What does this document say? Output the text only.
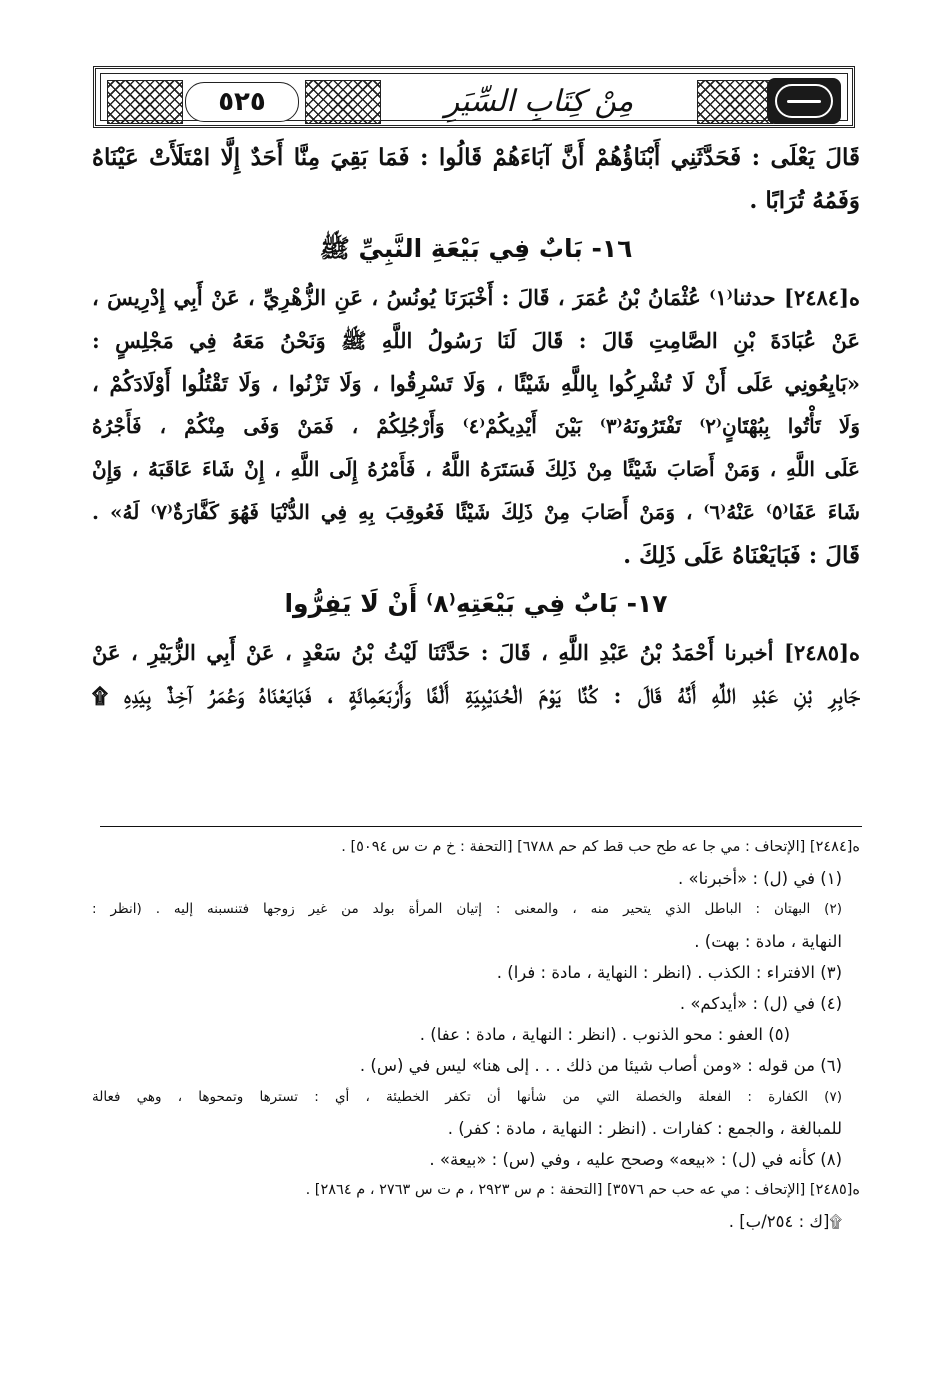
٥٢٥	مِنْ كِتَابِ السِّيَرِ
قَالَ يَعْلَى : فَحَدَّثَنِي أَبْنَاؤُهُمْ أَنَّ آبَاءَهُمْ قَالُوا : فَمَا بَقِيَ مِنَّا أَحَدٌ إِلَّا امْتَلَأَتْ عَيْنَاهُ
وَفَمُهُ تُرَابًا .
١٦- بَابٌ فِي بَيْعَةِ النَّبِيِّ ﷺ
ه[٢٤٨٤] حدثنا⁽١⁾ عُثْمَانُ بْنُ عُمَرَ ، قَالَ : أَخْبَرَنَا يُونُسُ ، عَنِ الزُّهْرِيِّ ، عَنْ أَبِي إِدْرِيسَ ،
عَنْ عُبَادَةَ بْنِ الصَّامِتِ قَالَ : قَالَ لَنَا رَسُولُ اللَّهِ ﷺ وَنَحْنُ مَعَهُ فِي مَجْلِسٍ :
«بَايِعُونِي عَلَى أَنْ لَا تُشْرِكُوا بِاللَّهِ شَيْئًا ، وَلَا تَسْرِقُوا ، وَلَا تَزْنُوا ، وَلَا تَقْتُلُوا أَوْلَادَكُمْ ،
وَلَا تَأْتُوا بِبُهْتَانٍ⁽٢⁾ تَفْتَرُونَهُ⁽٣⁾ بَيْنَ أَيْدِيكُمْ⁽٤⁾ وَأَرْجُلِكُمْ ، فَمَنْ وَفَى مِنْكُمْ ، فَأَجْرُهُ
عَلَى اللَّهِ ، وَمَنْ أَصَابَ شَيْئًا مِنْ ذَلِكَ فَسَتَرَهُ اللَّهُ ، فَأَمْرُهُ إِلَى اللَّهِ ، إِنْ شَاءَ عَاقَبَهُ ، وَإِنْ
شَاءَ عَفَا⁽٥⁾ عَنْهُ⁽٦⁾ ، وَمَنْ أَصَابَ مِنْ ذَلِكَ شَيْئًا فَعُوقِبَ بِهِ فِي الدُّنْيَا فَهُوَ كَفَّارَةٌ⁽٧⁾ لَهُ» .
قَالَ : فَبَايَعْنَاهُ عَلَى ذَلِكَ .
١٧- بَابٌ فِي بَيْعَتِهِ⁽٨⁾ أَنْ لَا يَفِرُّوا
ه[٢٤٨٥] أخبرنا أَحْمَدُ بْنُ عَبْدِ اللَّهِ ، قَالَ : حَدَّثَنَا لَيْثُ بْنُ سَعْدٍ ، عَنْ أَبِي الزُّبَيْرِ ، عَنْ
جَابِرِ بْنِ عَبْدِ اللَّهِ أَنَّهُ قَالَ : كُنَّا يَوْمَ الْحُدَيْبِيَةِ أَلْفًا وَأَرْبَعَمِائَةٍ ، فَبَايَعْنَاهُ وَعُمَرُ آخِذٌ بِيَدِهِ ۩
ه[٢٤٨٤] [الإتحاف : مي جا عه طح حب قط كم حم ٦٧٨٨] [التحفة : خ م ت س ٥٠٩٤] .
(١) في (ل) : «أخبرنا» .
(٢) البهتان : الباطل الذي يتحير منه ، والمعنى : إتيان المرأة بولد من غير زوجها فتنسبنه إليه . (انظر :
النهاية ، مادة : بهت) .
(٣) الافتراء : الكذب . (انظر : النهاية ، مادة : فرا) .
(٤) في (ل) : «أيدكم» .
(٥) العفو : محو الذنوب . (انظر : النهاية ، مادة : عفا) .
(٦) من قوله : «ومن أصاب شيئا من ذلك . . . إلى هنا» ليس في (س) .
(٧) الكفارة : الفعلة والخصلة التي من شأنها أن تكفر الخطيئة ، أي : تسترها وتمحوها ، وهي فعالة
للمبالغة ، والجمع : كفارات . (انظر : النهاية ، مادة : كفر) .
(٨) كأنه في (ل) : «بيعه» وصحح عليه ، وفي (س) : «بيعة» .
ه[٢٤٨٥] [الإتحاف : مي عه حب حم ٣٥٧٦] [التحفة : م س ٢٩٢٣ ، م ت س ٢٧٦٣ ، م ٢٨٦٤] .
۩[ك : ٢٥٤/ب] .
